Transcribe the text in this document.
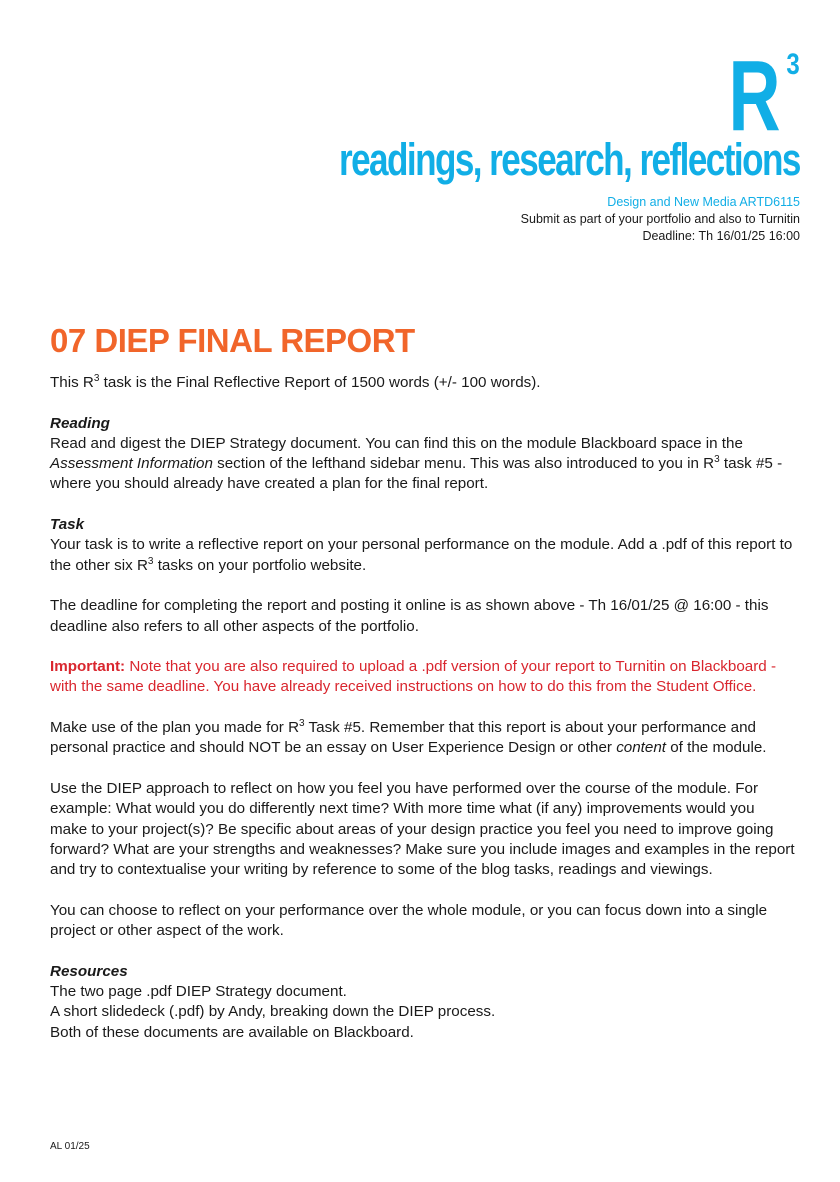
R 3
readings, research, reflections
Design and New Media ARTD6115
Submit as part of your portfolio and also to Turnitin
Deadline: Th 16/01/25 16:00
07 DIEP FINAL REPORT

This $R^3$ task is the Final Reflective Report of 1500 words (+/- 100 words).

Reading

Read and digest the DIEP Strategy document. You can find this on the module Blackboard space in the Assessment Information section of the lefthand sidebar menu. This was also introduced to you in $R^3$ task #5 - where you should already have created a plan for the final report.

Task

Your task is to write a reflective report on your personal performance on the module. Add a .pdf of this report to the other six $R^3$ tasks on your portfolio website.

The deadline for completing the report and posting it online is as shown above - Th 16/01/25 @ 16:00 - this deadline also refers to all other aspects of the portfolio.

Important: Note that you are also required to upload a .pdf version of your report to Turnitin on Blackboard - with the same deadline. You have already received instructions on how to do this from the Student Office.

Make use of the plan you made for $R^3$ Task #5. Remember that this report is about your performance and personal practice and should NOT be an essay on User Experience Design or other content of the module.

Use the DIEP approach to reflect on how you feel you have performed over the course of the module. For example: What would you do differently next time? With more time what (if any) improvements would you make to your project(s)? Be specific about areas of your design practice you feel you need to improve going forward? What are your strengths and weaknesses? Make sure you include images and examples in the report and try to contextualise your writing by reference to some of the blog tasks, readings and viewings.

You can choose to reflect on your performance over the whole module, or you can focus down into a single project or other aspect of the work.

Resources

The two page .pdf DIEP Strategy document.

A short slidedeck (.pdf) by Andy, breaking down the DIEP process.

Both of these documents are available on Blackboard.

AL 01/25
